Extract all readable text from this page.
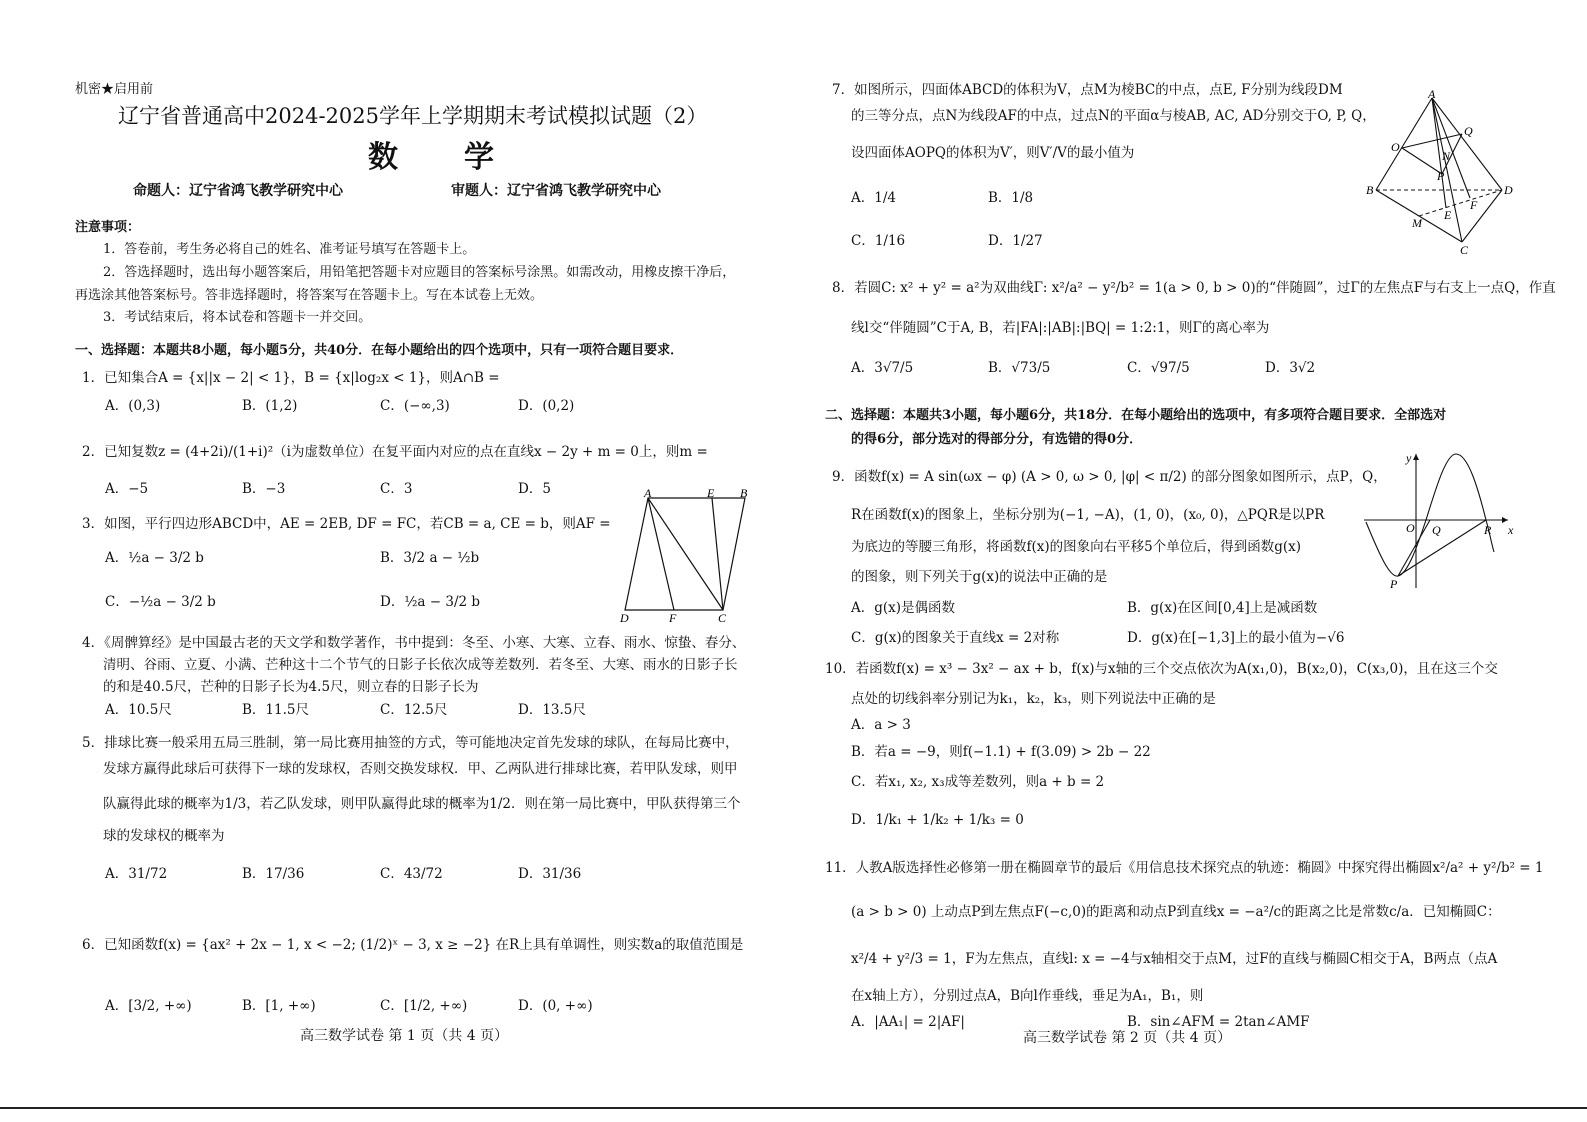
机密★启用前
辽宁省普通高中2024-2025学年上学期期末考试模拟试题（2）
数　学
命题人：辽宁省鸿飞教学研究中心	审题人：辽宁省鸿飞教学研究中心
注意事项：
1．答卷前，考生务必将自己的姓名、准考证号填写在答题卡上。
2．答选择题时，选出每小题答案后，用铅笔把答题卡对应题目的答案标号涂黑。如需改动，用橡皮擦干净后，
再选涂其他答案标号。答非选择题时，将答案写在答题卡上。写在本试卷上无效。
3．考试结束后，将本试卷和答题卡一并交回。
一、选择题：本题共8小题，每小题5分，共40分．在每小题给出的四个选项中，只有一项符合题目要求．
1．已知集合A = {x||x − 2| < 1}，B = {x|log₂x < 1}，则A∩B =
A．(0,3)	B．(1,2)	C．(−∞,3)	D．(0,2)
2．已知复数z = (4+2i)/(1+i)²（i为虚数单位）在复平面内对应的点在直线x − 2y + m = 0上，则m =
A．−5	B．−3	C．3	D．5
3．如图，平行四边形ABCD中，AE = 2EB, DF = FC，若CB = a, CE = b，则AF =
A．½a − 3/2 b	B．3/2 a − ½b
C．−½a − 3/2 b	D．½a − 3/2 b
A	E B
D	F	C
4．《周髀算经》是中国最古老的天文学和数学著作，书中提到：冬至、小寒、大寒、立春、雨水、惊蛰、春分、
清明、谷雨、立夏、小满、芒种这十二个节气的日影子长依次成等差数列．若冬至、大寒、雨水的日影子长
的和是40.5尺，芒种的日影子长为4.5尺，则立春的日影子长为
A．10.5尺	B．11.5尺	C．12.5尺	D．13.5尺
5．排球比赛一般采用五局三胜制，第一局比赛用抽签的方式，等可能地决定首先发球的球队，在每局比赛中，
发球方赢得此球后可获得下一球的发球权，否则交换发球权．甲、乙两队进行排球比赛，若甲队发球，则甲
队赢得此球的概率为1/3，若乙队发球，则甲队赢得此球的概率为1/2．则在第一局比赛中，甲队获得第三个
球的发球权的概率为
A．31/72	B．17/36	C．43/72	D．31/36
6．已知函数f(x) = {ax² + 2x − 1, x < −2; (1/2)ˣ − 3, x ≥ −2} 在R上具有单调性，则实数a的取值范围是
A．[3/2, +∞)	B．[1, +∞)	C．[1/2, +∞)	D．(0, +∞)
高三数学试卷 第 1 页（共 4 页）
7．如图所示，四面体ABCD的体积为V，点M为棱BC的中点，点E, F分别为线段DM
的三等分点，点N为线段AF的中点，过点N的平面α与棱AB, AC, AD分别交于O, P, Q，
设四面体AOPQ的体积为V′，则V′/V的最小值为
A．1/4	B．1/8
C．1/16	D．1/27
A
Q
O
N
P
B	D
F
E
M
C
8．若圆C: x² + y² = a²为双曲线Γ: x²/a² − y²/b² = 1(a > 0, b > 0)的“伴随圆”，过Γ的左焦点F与右支上一点Q，作直
线l交“伴随圆”C于A, B，若|FA|:|AB|:|BQ| = 1:2:1，则Γ的离心率为
A．3√7/5	B．√73/5	C．√97/5	D．3√2
二、选择题：本题共3小题，每小题6分，共18分．在每小题给出的选项中，有多项符合题目要求．全部选对
的得6分，部分选对的得部分分，有选错的得0分．
9．函数f(x) = A sin(ωx − φ) (A > 0, ω > 0, |φ| < π/2) 的部分图象如图所示，点P，Q，
R在函数f(x)的图象上，坐标分别为(−1, −A)，(1, 0)，(x₀, 0)，△PQR是以PR
为底边的等腰三角形，将函数f(x)的图象向右平移5个单位后，得到函数g(x)
的图象，则下列关于g(x)的说法中正确的是
A．g(x)是偶函数	B．g(x)在区间[0,4]上是减函数
C．g(x)的图象关于直线x = 2对称	D．g(x)在[−1,3]上的最小值为−√6
y
O Q	R x
P
10．若函数f(x) = x³ − 3x² − ax + b，f(x)与x轴的三个交点依次为A(x₁,0)，B(x₂,0)，C(x₃,0)，且在这三个交
点处的切线斜率分别记为k₁，k₂，k₃，则下列说法中正确的是
A．a > 3
B．若a = −9，则f(−1.1) + f(3.09) > 2b − 22
C．若x₁, x₂, x₃成等差数列，则a + b = 2
D．1/k₁ + 1/k₂ + 1/k₃ = 0
11．人教A版选择性必修第一册在椭圆章节的最后《用信息技术探究点的轨迹：椭圆》中探究得出椭圆x²/a² + y²/b² = 1
(a > b > 0) 上动点P到左焦点F(−c,0)的距离和动点P到直线x = −a²/c的距离之比是常数c/a．已知椭圆C：
x²/4 + y²/3 = 1，F为左焦点，直线l: x = −4与x轴相交于点M，过F的直线与椭圆C相交于A，B两点（点A
在x轴上方），分别过点A，B向l作垂线，垂足为A₁，B₁，则
A．|AA₁| = 2|AF|	B．sin∠AFM = 2tan∠AMF
高三数学试卷 第 2 页（共 4 页）
